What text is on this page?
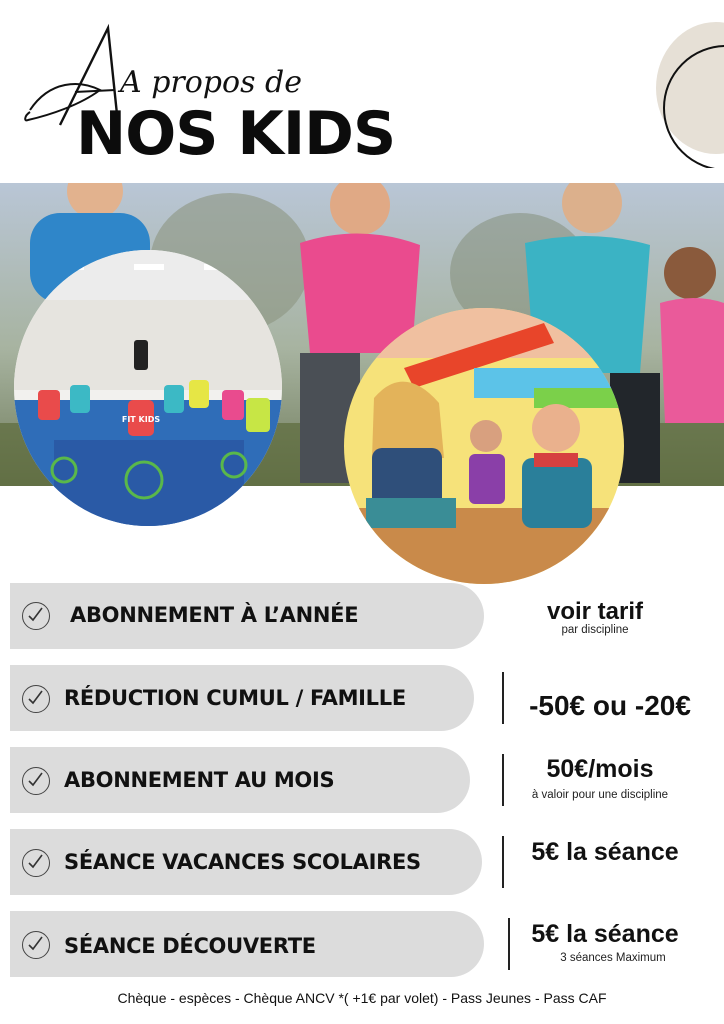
A propos de
NOS KIDS
FIT KIDS
ABONNEMENT À L’ANNÉE	voir tarif
par discipline
RÉDUCTION CUMUL / FAMILLE	-50€ ou -20€
ABONNEMENT AU MOIS	50€/mois
à valoir pour une discipline
SÉANCE VACANCES SCOLAIRES	5€ la séance
SÉANCE DÉCOUVERTE	5€ la séance
3 séances Maximum
Chèque - espèces - Chèque ANCV *( +1€ par volet) - Pass Jeunes - Pass CAF
